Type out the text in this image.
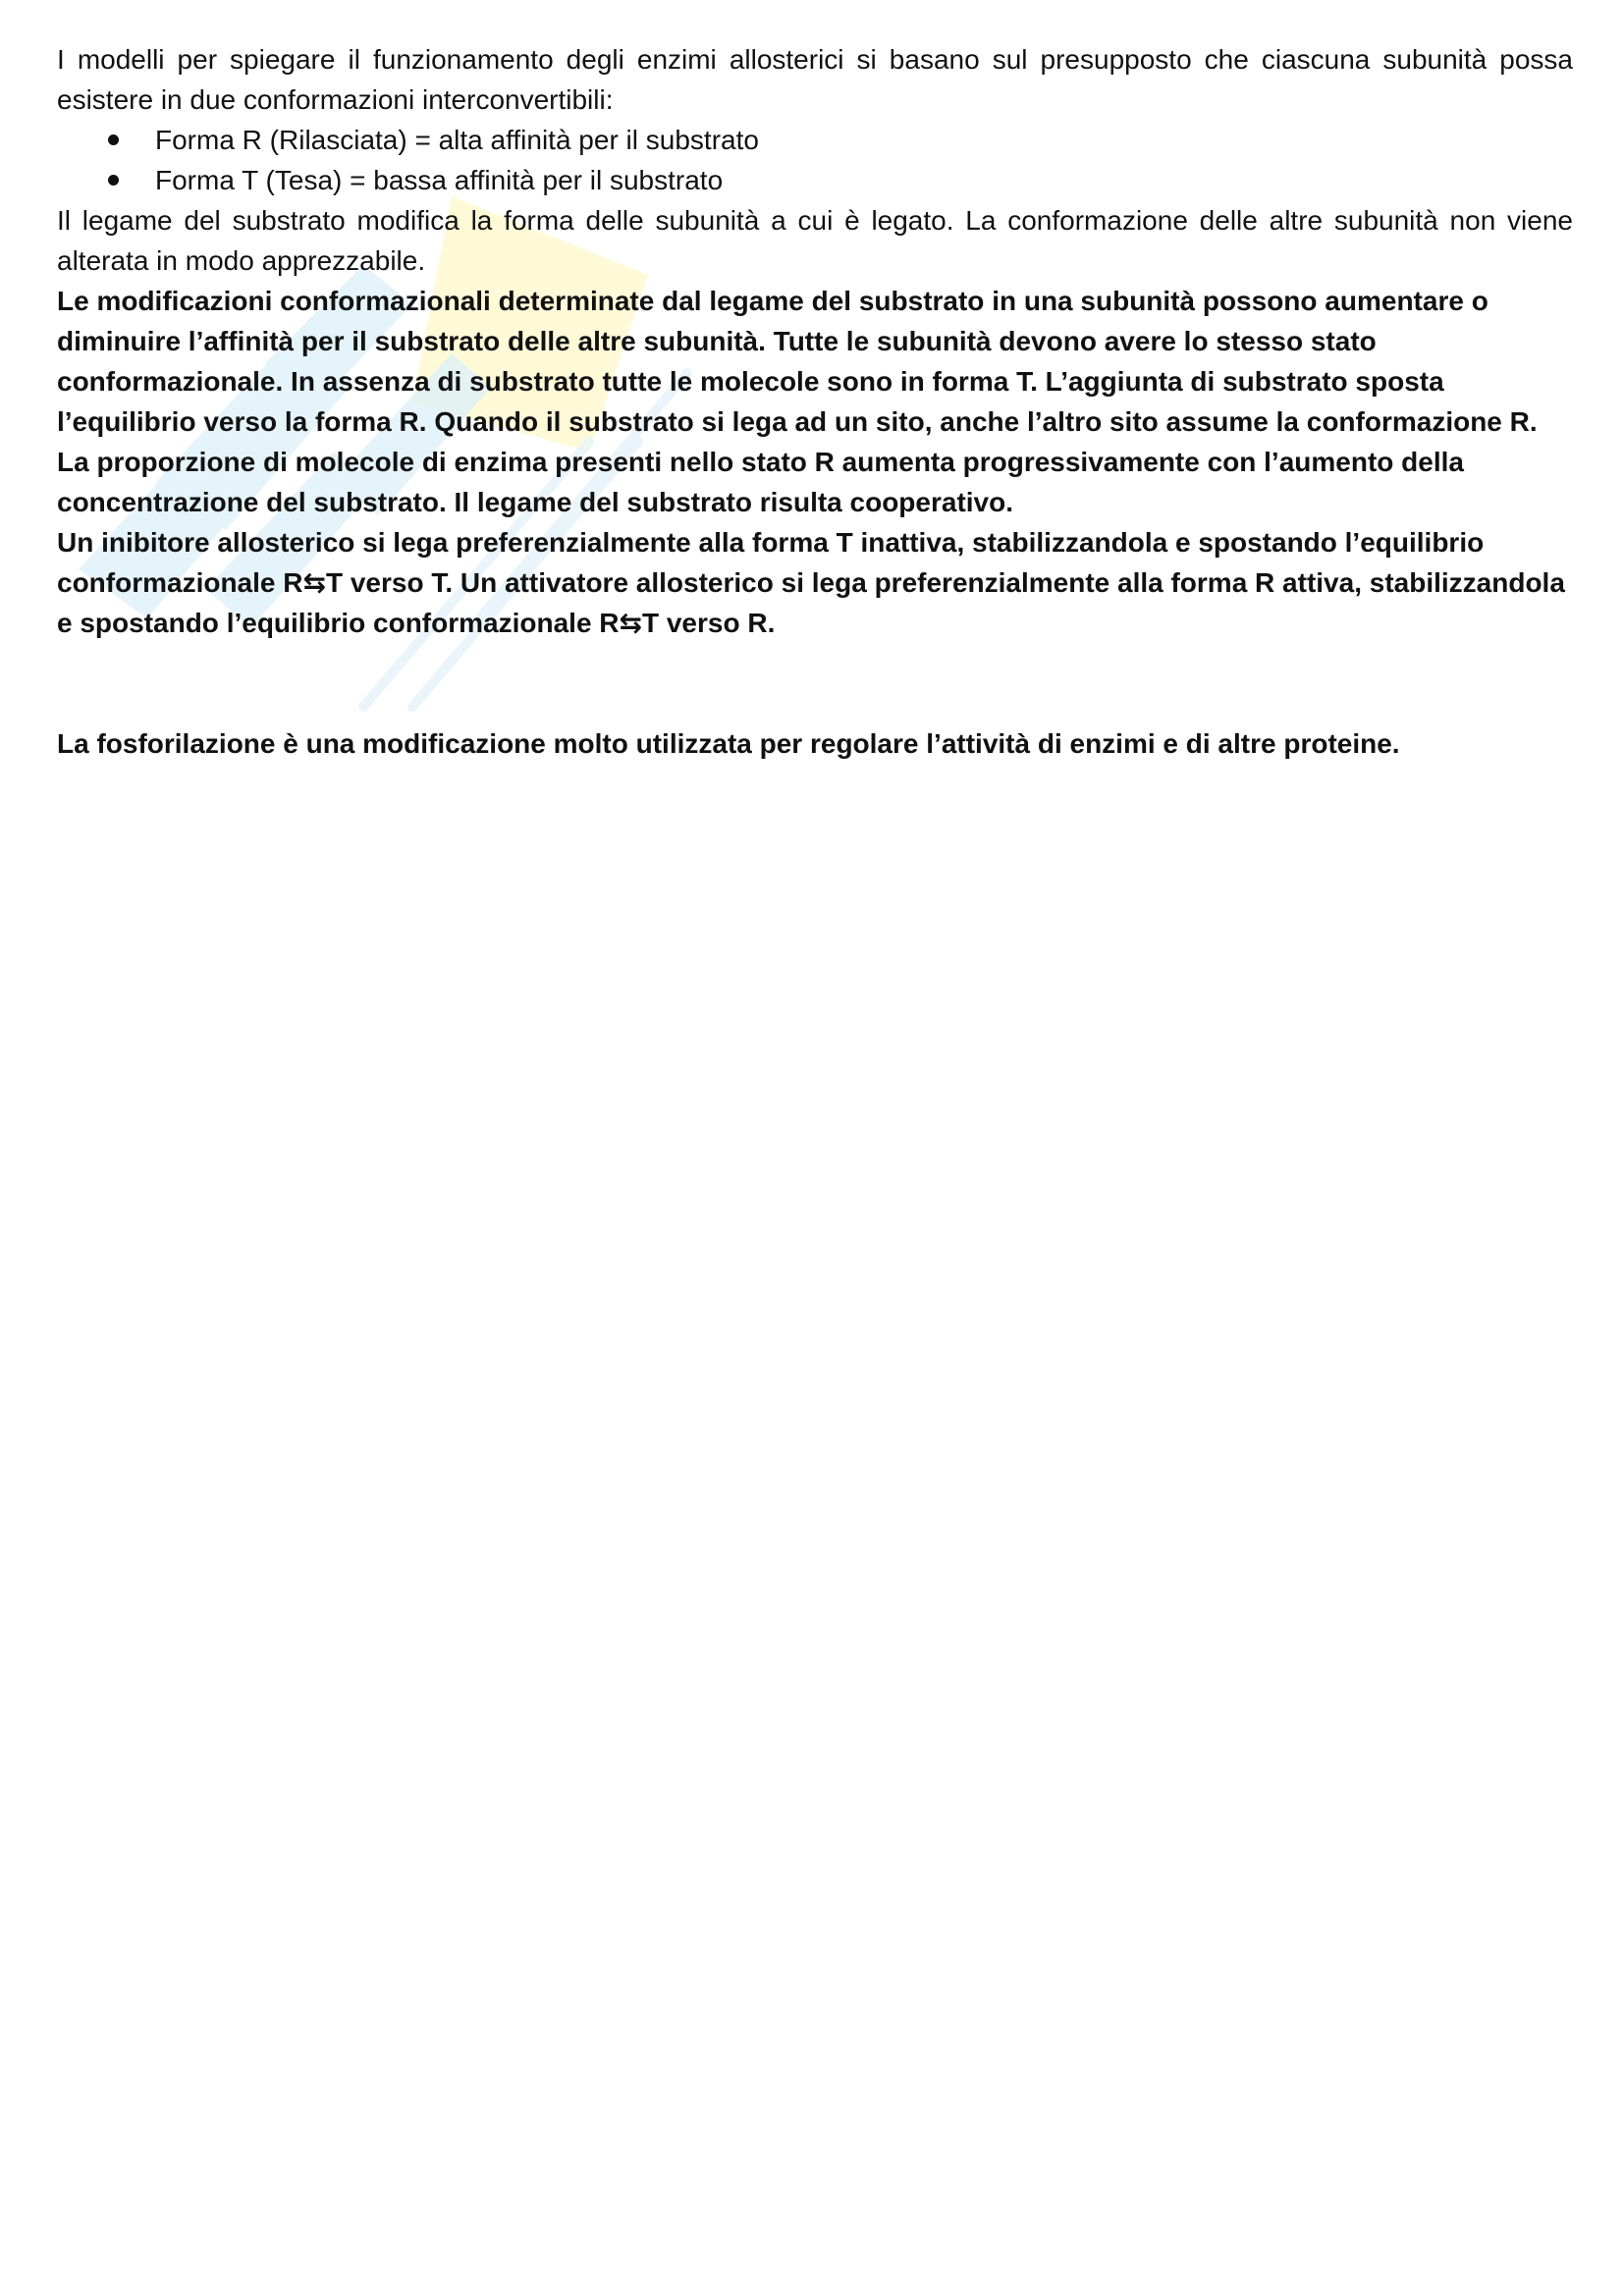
I modelli per spiegare il funzionamento degli enzimi allosterici si basano sul presupposto che ciascuna subunità possa esistere in due conformazioni interconvertibili:

Forma R (Rilasciata) = alta affinità per il substrato
Forma T (Tesa) = bassa affinità per il substrato

Il legame del substrato modifica la forma delle subunità a cui è legato. La conformazione delle altre subunità non viene alterata in modo apprezzabile.

Le modificazioni conformazionali determinate dal legame del substrato in una subunità possono aumentare o diminuire l’affinità per il substrato delle altre subunità. Tutte le subunità devono avere lo stesso stato conformazionale. In assenza di substrato tutte le molecole sono in forma T. L’aggiunta di substrato sposta l’equilibrio verso la forma R. Quando il substrato si lega ad un sito, anche l’altro sito assume la conformazione R. La proporzione di molecole di enzima presenti nello stato R aumenta progressivamente con l’aumento della concentrazione del substrato. Il legame del substrato risulta cooperativo.

Un inibitore allosterico si lega preferenzialmente alla forma T inattiva, stabilizzandola e spostando l’equilibrio conformazionale R⇆T verso T. Un attivatore allosterico si lega preferenzialmente alla forma R attiva, stabilizzandola e spostando l’equilibrio conformazionale R⇆T verso R.

La fosforilazione è una modificazione molto utilizzata per regolare l’attività di enzimi e di altre proteine.
